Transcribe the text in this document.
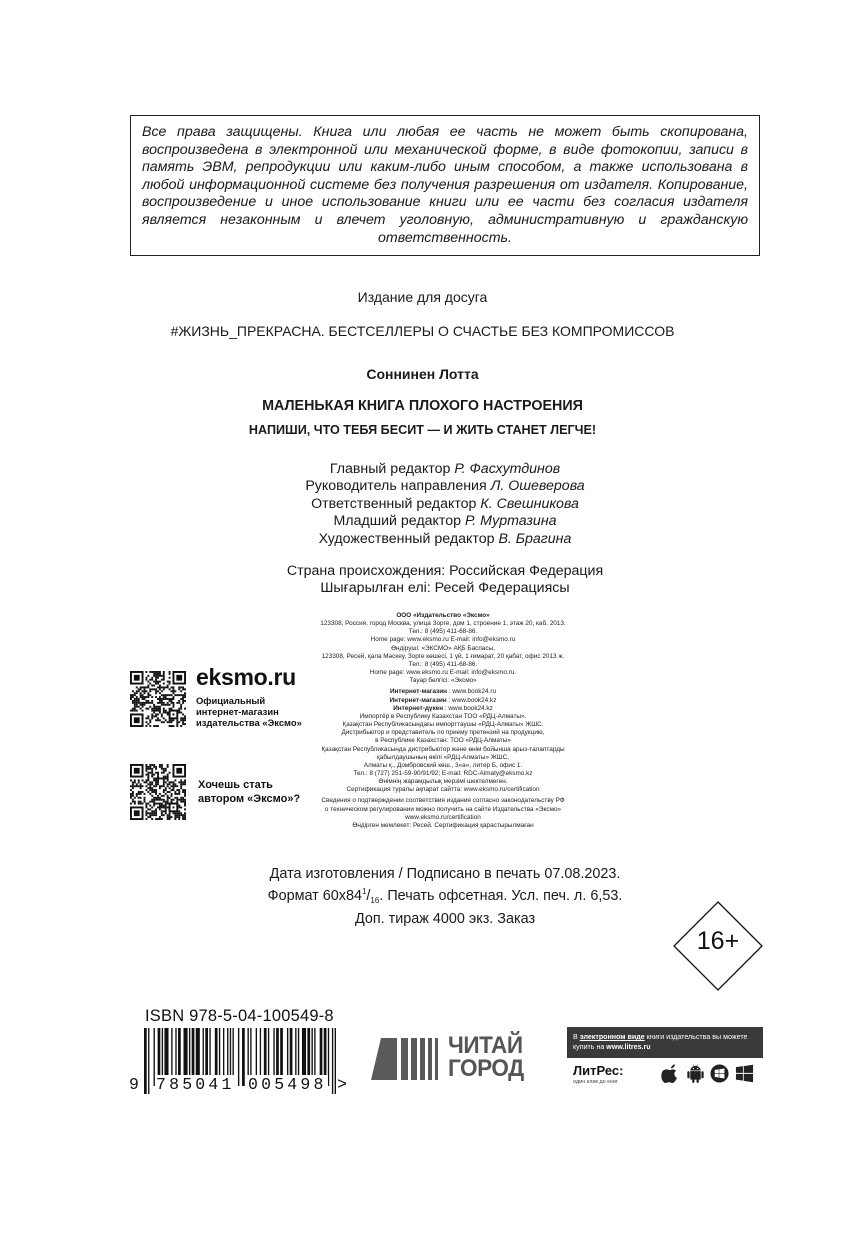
Все права защищены. Книга или любая ее часть не может быть скопирована, воспроизведена в электронной или механической форме, в виде фотокопии, записи в память ЭВМ, репродукции или каким-либо иным способом, а также использована в любой информационной системе без получения разрешения от издателя. Копирование, воспроизведение и иное использование книги или ее части без согласия издателя является незаконным и влечет уголовную, административную и гражданскую ответственность.
Издание для досуга
#ЖИЗНЬ_ПРЕКРАСНА. БЕСТСЕЛЛЕРЫ О СЧАСТЬЕ БЕЗ КОМПРОМИССОВ
Соннинен Лотта
МАЛЕНЬКАЯ КНИГА ПЛОХОГО НАСТРОЕНИЯ
НАПИШИ, ЧТО ТЕБЯ БЕСИТ — И ЖИТЬ СТАНЕТ ЛЕГЧЕ!
Главный редактор Р. Фасхутдинов
Руководитель направления Л. Ошеверова
Ответственный редактор К. Свешникова
Младший редактор Р. Муртазина
Художественный редактор В. Брагина
Страна происхождения: Российская Федерация
Шығарылған елі: Ресей Федерациясы
ООО «Издательство «Эксмо»
123308, Россия, город Москва, улица Зорге, дом 1, строение 1, этаж 20, каб. 2013.
Тел.: 8 (495) 411-68-86.
Home page: www.eksmo.ru E-mail: info@eksmo.ru
Өндіруші: «ЭКСМО» АҚБ Баспасы,
123308, Ресей, қала Мәскеу, Зорге көшесі, 1 үй, 1 ғимарат, 20 қабат, офис 2013 ж.
Тел.: 8 (495) 411-68-86.
Home page: www.eksmo.ru E-mail: info@eksmo.ru.
Тауар белгісі: «Эксмо»
Интернет-магазин : www.book24.ru
Интернет-магазин : www.book24.kz
Интернет-дүкен : www.book24.kz
Импортёр в Республику Казахстан ТОО «РДЦ-Алматы».
Қазақстан Республикасындағы импорттаушы «РДЦ-Алматы» ЖШС.
Дистрибьютор и представитель по приему претензий на продукцию,
в Республике Казахстан: ТОО «РДЦ-Алматы»
Қазақстан Республикасында дистрибьютор және өнім бойынша арыз-талаптарды
қабылдаушының өкілі «РДЦ-Алматы» ЖШС,
Алматы қ., Домбровский көш., 3«а», литер Б, офис 1.
Тел.: 8 (727) 251-59-90/91/92; E-mail: RDC-Almaty@eksmo.kz
Өнімнің жарамдылық мерзімі шектелмеген.
Сертификация туралы ақпарат сайтта: www.eksmo.ru/certification
Сведения о подтверждении соответствия издания согласно законодательству РФ
о техническом регулировании можно получить на сайте Издательства «Эксмо»
www.eksmo.ru/certification
Өндірген мемлекет: Ресей. Сертификация қарастырылмаған
eksmo.ru
Официальный
интернет-магазин
издательства «Эксмо»
Хочешь стать
автором «Эксмо»?
Дата изготовления / Подписано в печать 07.08.2023.
Формат $60x84^1/_{16}$. Печать офсетная. Усл. печ. л. 6,53.
Доп. тираж 4000 экз. Заказ
16+
ISBN 978-5-04-100549-8
9 785041 005498 >
ЧИТАЙ
ГОРОД
В электронном виде книги издательства вы можете
купить на www.litres.ru
ЛитРес:
один клик до книг
